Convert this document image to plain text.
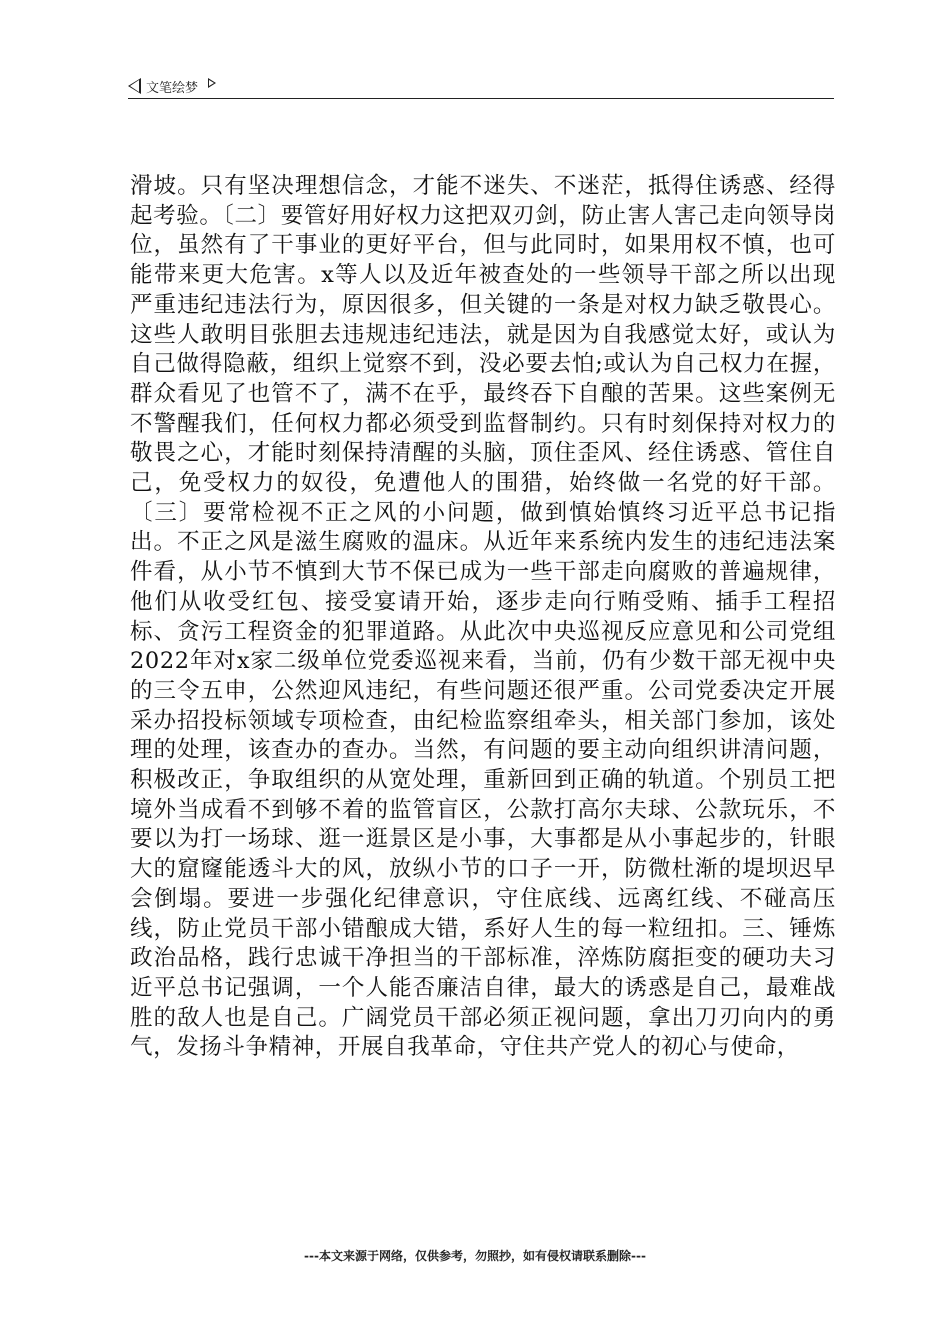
文笔绘梦

滑坡。只有坚决理想信念，才能不迷失、不迷茫，抵得住诱惑、经得起考验。〔二〕要管好用好权力这把双刃剑，防止害人害己走向领导岗位，虽然有了干事业的更好平台，但与此同时，如果用权不慎，也可能带来更大危害。x等人以及近年被查处的一些领导干部之所以出现严重违纪违法行为，原因很多，但关键的一条是对权力缺乏敬畏心。这些人敢明目张胆去违规违纪违法，就是因为自我感觉太好，或认为自己做得隐蔽，组织上觉察不到，没必要去怕;或认为自己权力在握，群众看见了也管不了，满不在乎，最终吞下自酿的苦果。这些案例无不警醒我们，任何权力都必须受到监督制约。只有时刻保持对权力的敬畏之心，才能时刻保持清醒的头脑，顶住歪风、经住诱惑、管住自己，免受权力的奴役，免遭他人的围猎，始终做一名党的好干部。〔三〕要常检视不正之风的小问题，做到慎始慎终习近平总书记指出。不正之风是滋生腐败的温床。从近年来系统内发生的违纪违法案件看，从小节不慎到大节不保已成为一些干部走向腐败的普遍规律，他们从收受红包、接受宴请开始，逐步走向行贿受贿、插手工程招标、贪污工程资金的犯罪道路。从此次中央巡视反应意见和公司党组2022年对x家二级单位党委巡视来看，当前，仍有少数干部无视中央的三令五申，公然迎风违纪，有些问题还很严重。公司党委决定开展采办招投标领域专项检查，由纪检监察组牵头，相关部门参加，该处理的处理，该查办的查办。当然，有问题的要主动向组织讲清问题，积极改正，争取组织的从宽处理，重新回到正确的轨道。个别员工把境外当成看不到够不着的监管盲区，公款打高尔夫球、公款玩乐，不要以为打一场球、逛一逛景区是小事，大事都是从小事起步的，针眼大的窟窿能透斗大的风，放纵小节的口子一开，防微杜渐的堤坝迟早会倒塌。要进一步强化纪律意识，守住底线、远离红线、不碰高压线，防止党员干部小错酿成大错，系好人生的每一粒纽扣。三、锤炼政治品格，践行忠诚干净担当的干部标准，淬炼防腐拒变的硬功夫习近平总书记强调，一个人能否廉洁自律，最大的诱惑是自己，最难战胜的敌人也是自己。广阔党员干部必须正视问题，拿出刀刃向内的勇气，发扬斗争精神，开展自我革命，守住共产党人的初心与使命，

---本文来源于网络，仅供参考，勿照抄，如有侵权请联系删除---
